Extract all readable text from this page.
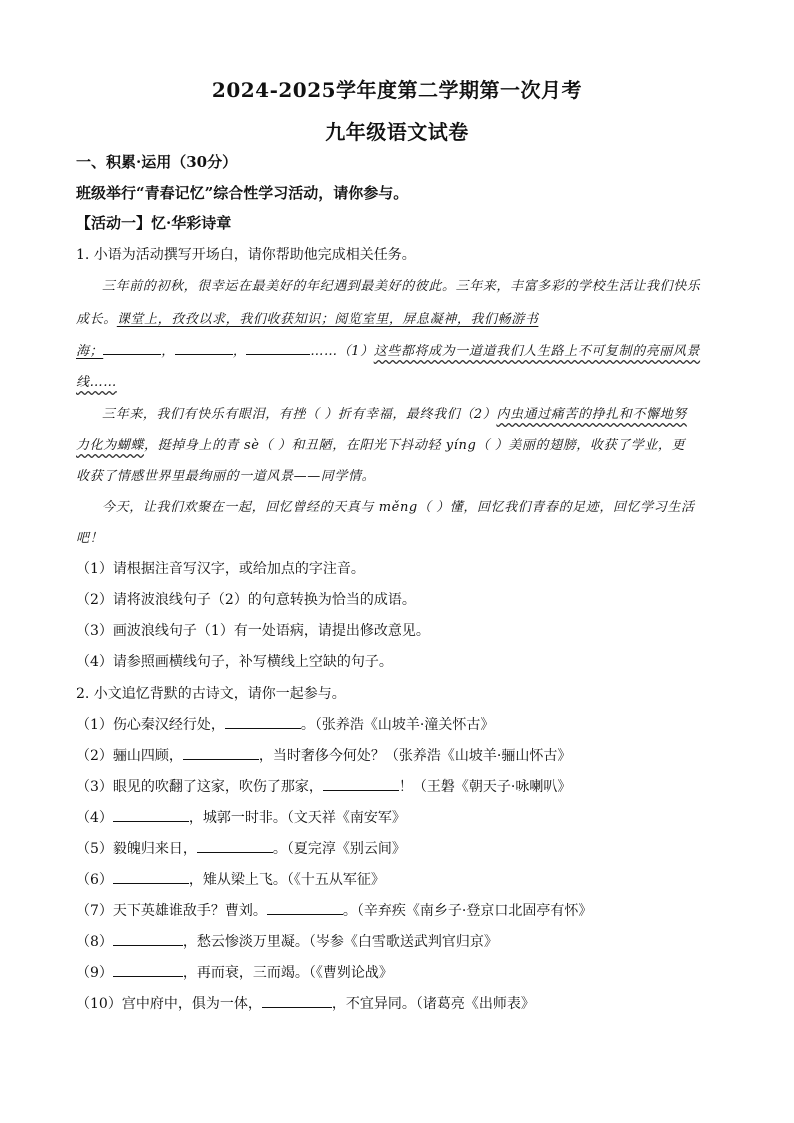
2024-2025学年度第二学期第一次月考
九年级语文试卷
一、积累·运用（30分）
班级举行“青春记忆”综合性学习活动，请你参与。
【活动一】忆·华彩诗章
1. 小语为活动撰写开场白，请你帮助他完成相关任务。
三年前的初秋，很幸运在最美好的年纪遇到最美好的彼此。三年来，丰富多彩的学校生活让我们快乐
成长。课堂上，孜孜以求，我们收获知识；阅览室里，屏息凝神，我们畅游书
海；	，	，	……（1）这些都将成为一道道我们人生路上不可复制的亮丽风景
线……
三年来，我们有快乐有眼泪，有挫（ ）折有幸福，最终我们（2）内虫通过痛苦的挣扎和不懈地努
力化为蝴蝶，挺掉身上的青 sè（ ）和丑陋，在阳光下抖动轻 yíng（ ）美丽的翅膀，收获了学业，更
收获了情感世界里最绚丽的一道风景——同学情。
今天，让我们欢聚在一起，回忆曾经的天真与 měng（ ）懂，回忆我们青春的足迹，回忆学习生活
吧！
（1）请根据注音写汉字，或给加点的字注音。
（2）请将波浪线句子（2）的句意转换为恰当的成语。
（3）画波浪线句子（1）有一处语病，请提出修改意见。
（4）请参照画横线句子，补写横线上空缺的句子。
2. 小文追忆背默的古诗文，请你一起参与。
（1）伤心秦汉经行处，	。（张养浩《山坡羊·潼关怀古》
（2）骊山四顾，	，当时奢侈今何处？（张养浩《山坡羊·骊山怀古》
（3）眼见的吹翻了这家，吹伤了那家，	！（王磐《朝天子·咏喇叭》
（4）	，城郭一时非。（文天祥《南安军》
（5）毅魄归来日，	。（夏完淳《别云间》
（6）	，雉从梁上飞。（《十五从军征》
（7）天下英雄谁敌手？曹刘。	。（辛弃疾《南乡子·登京口北固亭有怀》
（8）	，愁云惨淡万里凝。（岑参《白雪歌送武判官归京》
（9）	，再而衰，三而竭。（《曹刿论战》
（10）宫中府中，俱为一体，	，不宜异同。（诸葛亮《出师表》
